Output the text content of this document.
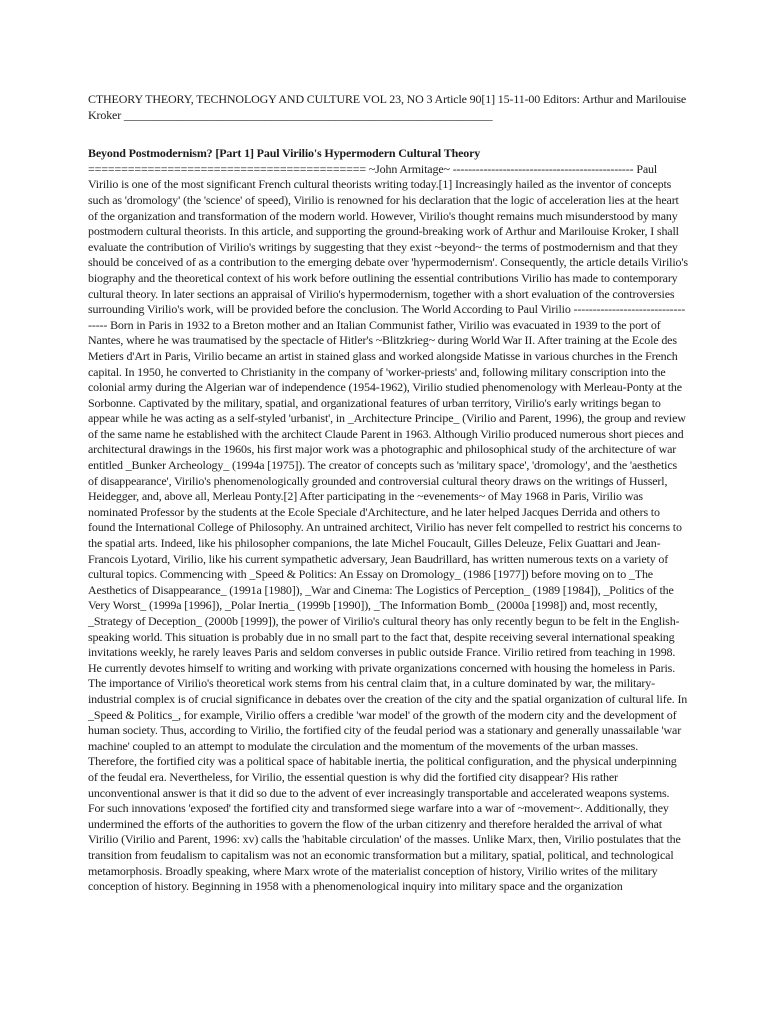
CTHEORY THEORY, TECHNOLOGY AND CULTURE VOL 23, NO 3 Article 90[1] 15-11-00 Editors: Arthur and Marilouise Kroker _______________________________________________________________

Beyond Postmodernism? [Part 1] Paul Virilio's Hypermodern Cultural Theory

========================================== ~John Armitage~ ----------------------------------------------- Paul Virilio is one of the most significant French cultural theorists writing today.[1] Increasingly hailed as the inventor of concepts such as 'dromology' (the 'science' of speed), Virilio is renowned for his declaration that the logic of acceleration lies at the heart of the organization and transformation of the modern world. However, Virilio's thought remains much misunderstood by many postmodern cultural theorists. In this article, and supporting the ground-breaking work of Arthur and Marilouise Kroker, I shall evaluate the contribution of Virilio's writings by suggesting that they exist ~beyond~ the terms of postmodernism and that they should be conceived of as a contribution to the emerging debate over 'hypermodernism'. Consequently, the article details Virilio's biography and the theoretical context of his work before outlining the essential contributions Virilio has made to contemporary cultural theory. In later sections an appraisal of Virilio's hypermodernism, together with a short evaluation of the controversies surrounding Virilio's work, will be provided before the conclusion. The World According to Paul Virilio ---------------------------------- Born in Paris in 1932 to a Breton mother and an Italian Communist father, Virilio was evacuated in 1939 to the port of Nantes, where he was traumatised by the spectacle of Hitler's ~Blitzkrieg~ during World War II. After training at the Ecole des Metiers d'Art in Paris, Virilio became an artist in stained glass and worked alongside Matisse in various churches in the French capital. In 1950, he converted to Christianity in the company of 'worker-priests' and, following military conscription into the colonial army during the Algerian war of independence (1954-1962), Virilio studied phenomenology with Merleau-Ponty at the Sorbonne. Captivated by the military, spatial, and organizational features of urban territory, Virilio's early writings began to appear while he was acting as a self-styled 'urbanist', in _Architecture Principe_ (Virilio and Parent, 1996), the group and review of the same name he established with the architect Claude Parent in 1963. Although Virilio produced numerous short pieces and architectural drawings in the 1960s, his first major work was a photographic and philosophical study of the architecture of war entitled _Bunker Archeology_ (1994a [1975]). The creator of concepts such as 'military space', 'dromology', and the 'aesthetics of disappearance', Virilio's phenomenologically grounded and controversial cultural theory draws on the writings of Husserl, Heidegger, and, above all, Merleau Ponty.[2] After participating in the ~evenements~ of May 1968 in Paris, Virilio was nominated Professor by the students at the Ecole Speciale d'Architecture, and he later helped Jacques Derrida and others to found the International College of Philosophy. An untrained architect, Virilio has never felt compelled to restrict his concerns to the spatial arts. Indeed, like his philosopher companions, the late Michel Foucault, Gilles Deleuze, Felix Guattari and Jean-Francois Lyotard, Virilio, like his current sympathetic adversary, Jean Baudrillard, has written numerous texts on a variety of cultural topics. Commencing with _Speed & Politics: An Essay on Dromology_ (1986 [1977]) before moving on to _The Aesthetics of Disappearance_ (1991a [1980]), _War and Cinema: The Logistics of Perception_ (1989 [1984]), _Politics of the Very Worst_ (1999a [1996]), _Polar Inertia_ (1999b [1990]), _The Information Bomb_ (2000a [1998]) and, most recently, _Strategy of Deception_ (2000b [1999]), the power of Virilio's cultural theory has only recently begun to be felt in the English-speaking world. This situation is probably due in no small part to the fact that, despite receiving several international speaking invitations weekly, he rarely leaves Paris and seldom converses in public outside France. Virilio retired from teaching in 1998. He currently devotes himself to writing and working with private organizations concerned with housing the homeless in Paris. The importance of Virilio's theoretical work stems from his central claim that, in a culture dominated by war, the military-industrial complex is of crucial significance in debates over the creation of the city and the spatial organization of cultural life. In _Speed & Politics_, for example, Virilio offers a credible 'war model' of the growth of the modern city and the development of human society. Thus, according to Virilio, the fortified city of the feudal period was a stationary and generally unassailable 'war machine' coupled to an attempt to modulate the circulation and the momentum of the movements of the urban masses. Therefore, the fortified city was a political space of habitable inertia, the political configuration, and the physical underpinning of the feudal era. Nevertheless, for Virilio, the essential question is why did the fortified city disappear? His rather unconventional answer is that it did so due to the advent of ever increasingly transportable and accelerated weapons systems. For such innovations 'exposed' the fortified city and transformed siege warfare into a war of ~movement~. Additionally, they undermined the efforts of the authorities to govern the flow of the urban citizenry and therefore heralded the arrival of what Virilio (Virilio and Parent, 1996: xv) calls the 'habitable circulation' of the masses. Unlike Marx, then, Virilio postulates that the transition from feudalism to capitalism was not an economic transformation but a military, spatial, political, and technological metamorphosis. Broadly speaking, where Marx wrote of the materialist conception of history, Virilio writes of the military conception of history. Beginning in 1958 with a phenomenological inquiry into military space and the organization
